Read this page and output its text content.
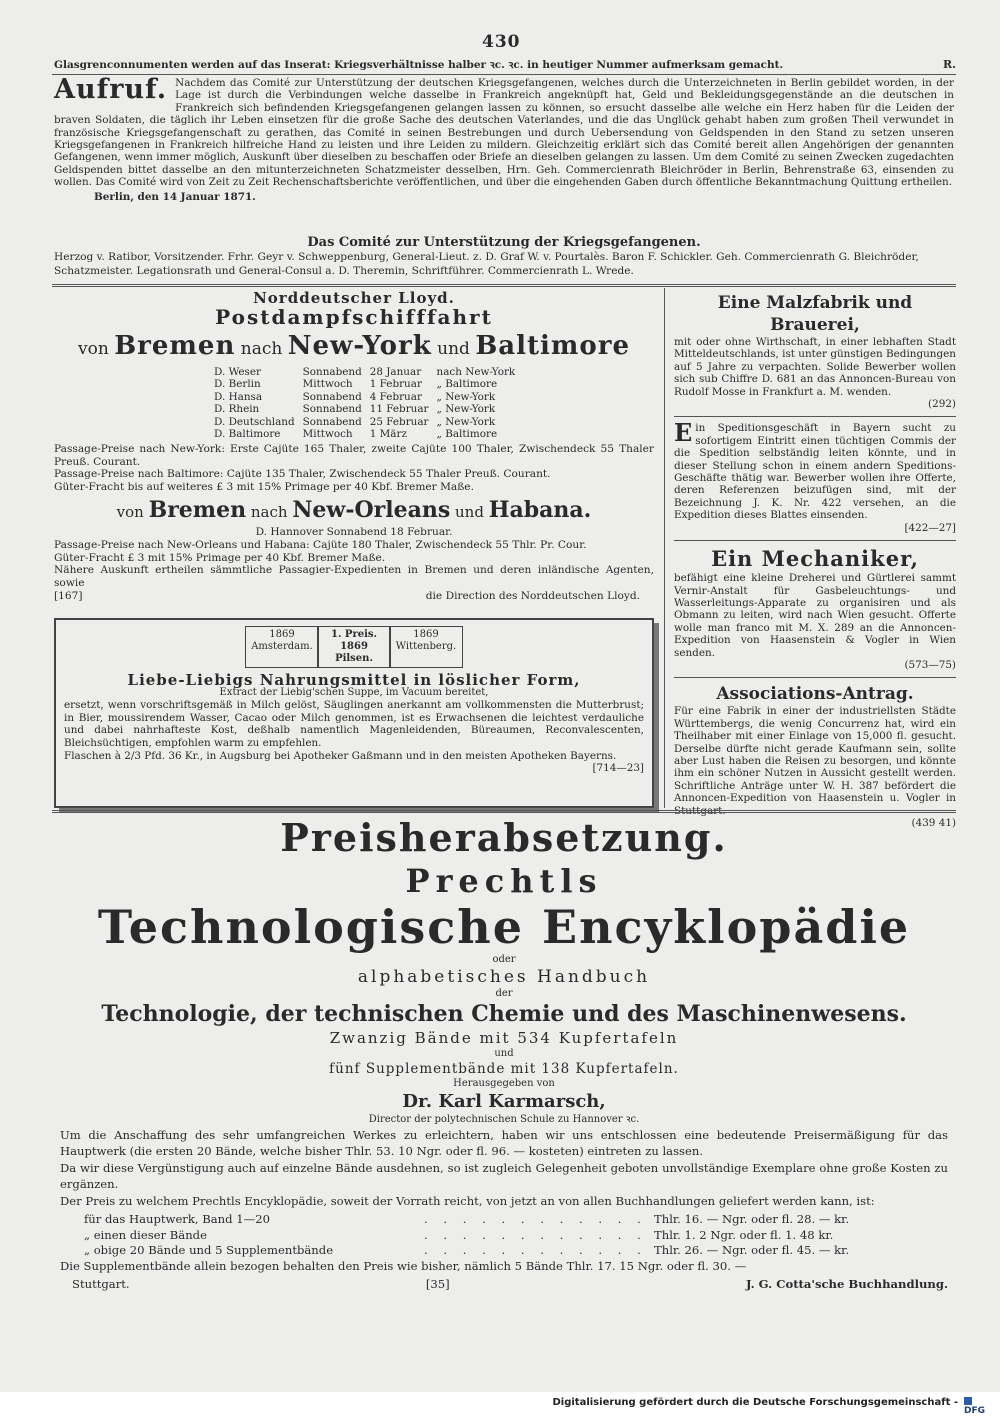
430
Glasgrenconnumenten werden auf das Inserat: Kriegsverhältnisse halber ꝛc. ꝛc. in heutiger Nummer aufmerksam gemacht.	R.
Aufruf. Nachdem das Comité zur Unterstützung der deutschen Kriegsgefangenen, welches durch die Unterzeichneten in Berlin gebildet worden, in der Lage ist durch die Verbindungen welche dasselbe in Frankreich angeknüpft hat, Geld und Bekleidungsgegenstände an die deutschen in Frankreich sich befindenden Kriegsgefangenen gelangen lassen zu können, so ersucht dasselbe alle welche ein Herz haben für die Leiden der braven Soldaten, die täglich ihr Leben einsetzen für die große Sache des deutschen Vaterlandes, und die das Unglück gehabt haben zum großen Theil verwundet in französische Kriegsgefangenschaft zu gerathen, das Comité in seinen Bestrebungen und durch Uebersendung von Geldspenden in den Stand zu setzen unseren Kriegsgefangenen in Frankreich hilfreiche Hand zu leisten und ihre Leiden zu mildern. Gleichzeitig erklärt sich das Comité bereit allen Angehörigen der genannten Gefangenen, wenn immer möglich, Auskunft über dieselben zu beschaffen oder Briefe an dieselben gelangen zu lassen. Um dem Comité zu seinen Zwecken zugedachten Geldspenden bittet dasselbe an den mitunterzeichneten Schatzmeister desselben, Hrn. Geh. Commercienrath Bleichröder in Berlin, Behrenstraße 63, einsenden zu wollen. Das Comité wird von Zeit zu Zeit Rechenschaftsberichte veröffentlichen, und über die eingehenden Gaben durch öffentliche Bekanntmachung Quittung ertheilen.
Berlin, den 14 Januar 1871.
Das Comité zur Unterstützung der Kriegsgefangenen.
Herzog v. Ratibor, Vorsitzender. Frhr. Geyr v. Schweppenburg, General-Lieut. z. D. Graf W. v. Pourtalès. Baron F. Schickler. Geh. Commercienrath G. Bleichröder, Schatzmeister. Legationsrath und General-Consul a. D. Theremin, Schriftführer. Commercienrath L. Wrede.
Norddeutscher Lloyd.
Postdampfschifffahrt
von Bremen nach New-York und Baltimore
D. Weser	Sonnabend	28 Januar	nach New-York
D. Berlin	Mittwoch	1 Februar	„ Baltimore
D. Hansa	Sonnabend	4 Februar	„ New-York
D. Rhein	Sonnabend	11 Februar	„ New-York
D. Deutschland	Sonnabend	25 Februar	„ New-York
D. Baltimore	Mittwoch	1 März	„ Baltimore
Passage-Preise nach New-York: Erste Cajüte 165 Thaler, zweite Cajüte 100 Thaler, Zwischendeck 55 Thaler Preuß. Courant.
Passage-Preise nach Baltimore: Cajüte 135 Thaler, Zwischendeck 55 Thaler Preuß. Courant.
Güter-Fracht bis auf weiteres £ 3 mit 15% Primage per 40 Kbf. Bremer Maße.
von Bremen nach New-Orleans und Habana.
D. Hannover Sonnabend 18 Februar.
Passage-Preise nach New-Orleans und Habana: Cajüte 180 Thaler, Zwischendeck 55 Thlr. Pr. Cour.
Güter-Fracht £ 3 mit 15% Primage per 40 Kbf. Bremer Maße.
Nähere Auskunft ertheilen sämmtliche Passagier-Expedienten in Bremen und deren inländische Agenten, sowie
[167]	die Direction des Norddeutschen Lloyd.
1869
Amsterdam.
1. Preis.
1869
Pilsen.
1869
Wittenberg.
Liebe-Liebigs Nahrungsmittel in löslicher Form,
Extract der Liebig'schen Suppe, im Vacuum bereitet,
ersetzt, wenn vorschriftsgemäß in Milch gelöst, Säuglingen anerkannt am vollkommensten die Mutterbrust; in Bier, moussirendem Wasser, Cacao oder Milch genommen, ist es Erwachsenen die leichtest verdauliche und dabei nahrhafteste Kost, deßhalb namentlich Magenleidenden, Büreaumen, Reconvalescenten, Bleichsüchtigen, empfohlen warm zu empfehlen.
Flaschen à 2/3 Pfd. 36 Kr., in Augsburg bei Apotheker Gaßmann und in den meisten Apotheken Bayerns.
[714—23]
Eine Malzfabrik und Brauerei,
mit oder ohne Wirthschaft, in einer lebhaften Stadt Mitteldeutschlands, ist unter günstigen Bedingungen auf 5 Jahre zu verpachten. Solide Bewerber wollen sich sub Chiffre D. 681 an das Annoncen-Bureau von Rudolf Mosse in Frankfurt a. M. wenden.
(292)
E in Speditionsgeschäft in Bayern sucht zu sofortigem Eintritt einen tüchtigen Commis der die Spedition selbständig leiten könnte, und in dieser Stellung schon in einem andern Speditions-Geschäfte thätig war. Bewerber wollen ihre Offerte, deren Referenzen beizufügen sind, mit der Bezeichnung J. K. Nr. 422 versehen, an die Expedition dieses Blattes einsenden.
[422—27]
Ein Mechaniker,
befähigt eine kleine Dreherei und Gürtlerei sammt Vernir-Anstalt für Gasbeleuchtungs- und Wasserleitungs-Apparate zu organisiren und als Obmann zu leiten, wird nach Wien gesucht. Offerte wolle man franco mit M. X. 289 an die Annoncen-Expedition von Haasenstein & Vogler in Wien senden.
(573—75)
Associations-Antrag.
Für eine Fabrik in einer der industriellsten Städte Württembergs, die wenig Concurrenz hat, wird ein Theilhaber mit einer Einlage von 15,000 fl. gesucht. Derselbe dürfte nicht gerade Kaufmann sein, sollte aber Lust haben die Reisen zu besorgen, und könnte ihm ein schöner Nutzen in Aussicht gestellt werden. Schriftliche Anträge unter W. H. 387 befördert die Annoncen-Expedition von Haasenstein u. Vogler in Stuttgart.
(439 41)
Preisherabsetzung.
Prechtls
Technologische Encyklopädie
oder
alphabetisches Handbuch
der
Technologie, der technischen Chemie und des Maschinenwesens.
Zwanzig Bände mit 534 Kupfertafeln
und
fünf Supplementbände mit 138 Kupfertafeln.
Herausgegeben von
Dr. Karl Karmarsch,
Director der polytechnischen Schule zu Hannover ꝛc.
Um die Anschaffung des sehr umfangreichen Werkes zu erleichtern, haben wir uns entschlossen eine bedeutende Preisermäßigung für das Hauptwerk (die ersten 20 Bände, welche bisher Thlr. 53. 10 Ngr. oder fl. 96. — kosteten) eintreten zu lassen.
Da wir diese Vergünstigung auch auf einzelne Bände ausdehnen, so ist zugleich Gelegenheit geboten unvollständige Exemplare ohne große Kosten zu ergänzen.
Der Preis zu welchem Prechtls Encyklopädie, soweit der Vorrath reicht, von jetzt an von allen Buchhandlungen geliefert werden kann, ist:
für das Hauptwerk, Band 1—20	. . . . . . . . . . . . Thlr. 16. — Ngr. oder fl. 28. — kr.
„ einen dieser Bände	. . . . . . . . . . . . Thlr. 1. 2 Ngr. oder fl. 1. 48 kr.
„ obige 20 Bände und 5 Supplementbände	. . . . . . . . . . . . Thlr. 26. — Ngr. oder fl. 45. — kr.
Die Supplementbände allein bezogen behalten den Preis wie bisher, nämlich 5 Bände Thlr. 17. 15 Ngr. oder fl. 30. —
Stuttgart.	[35]	J. G. Cotta'sche Buchhandlung.
Digitalisierung gefördert durch die Deutsche Forschungsgemeinschaft -
DFG
